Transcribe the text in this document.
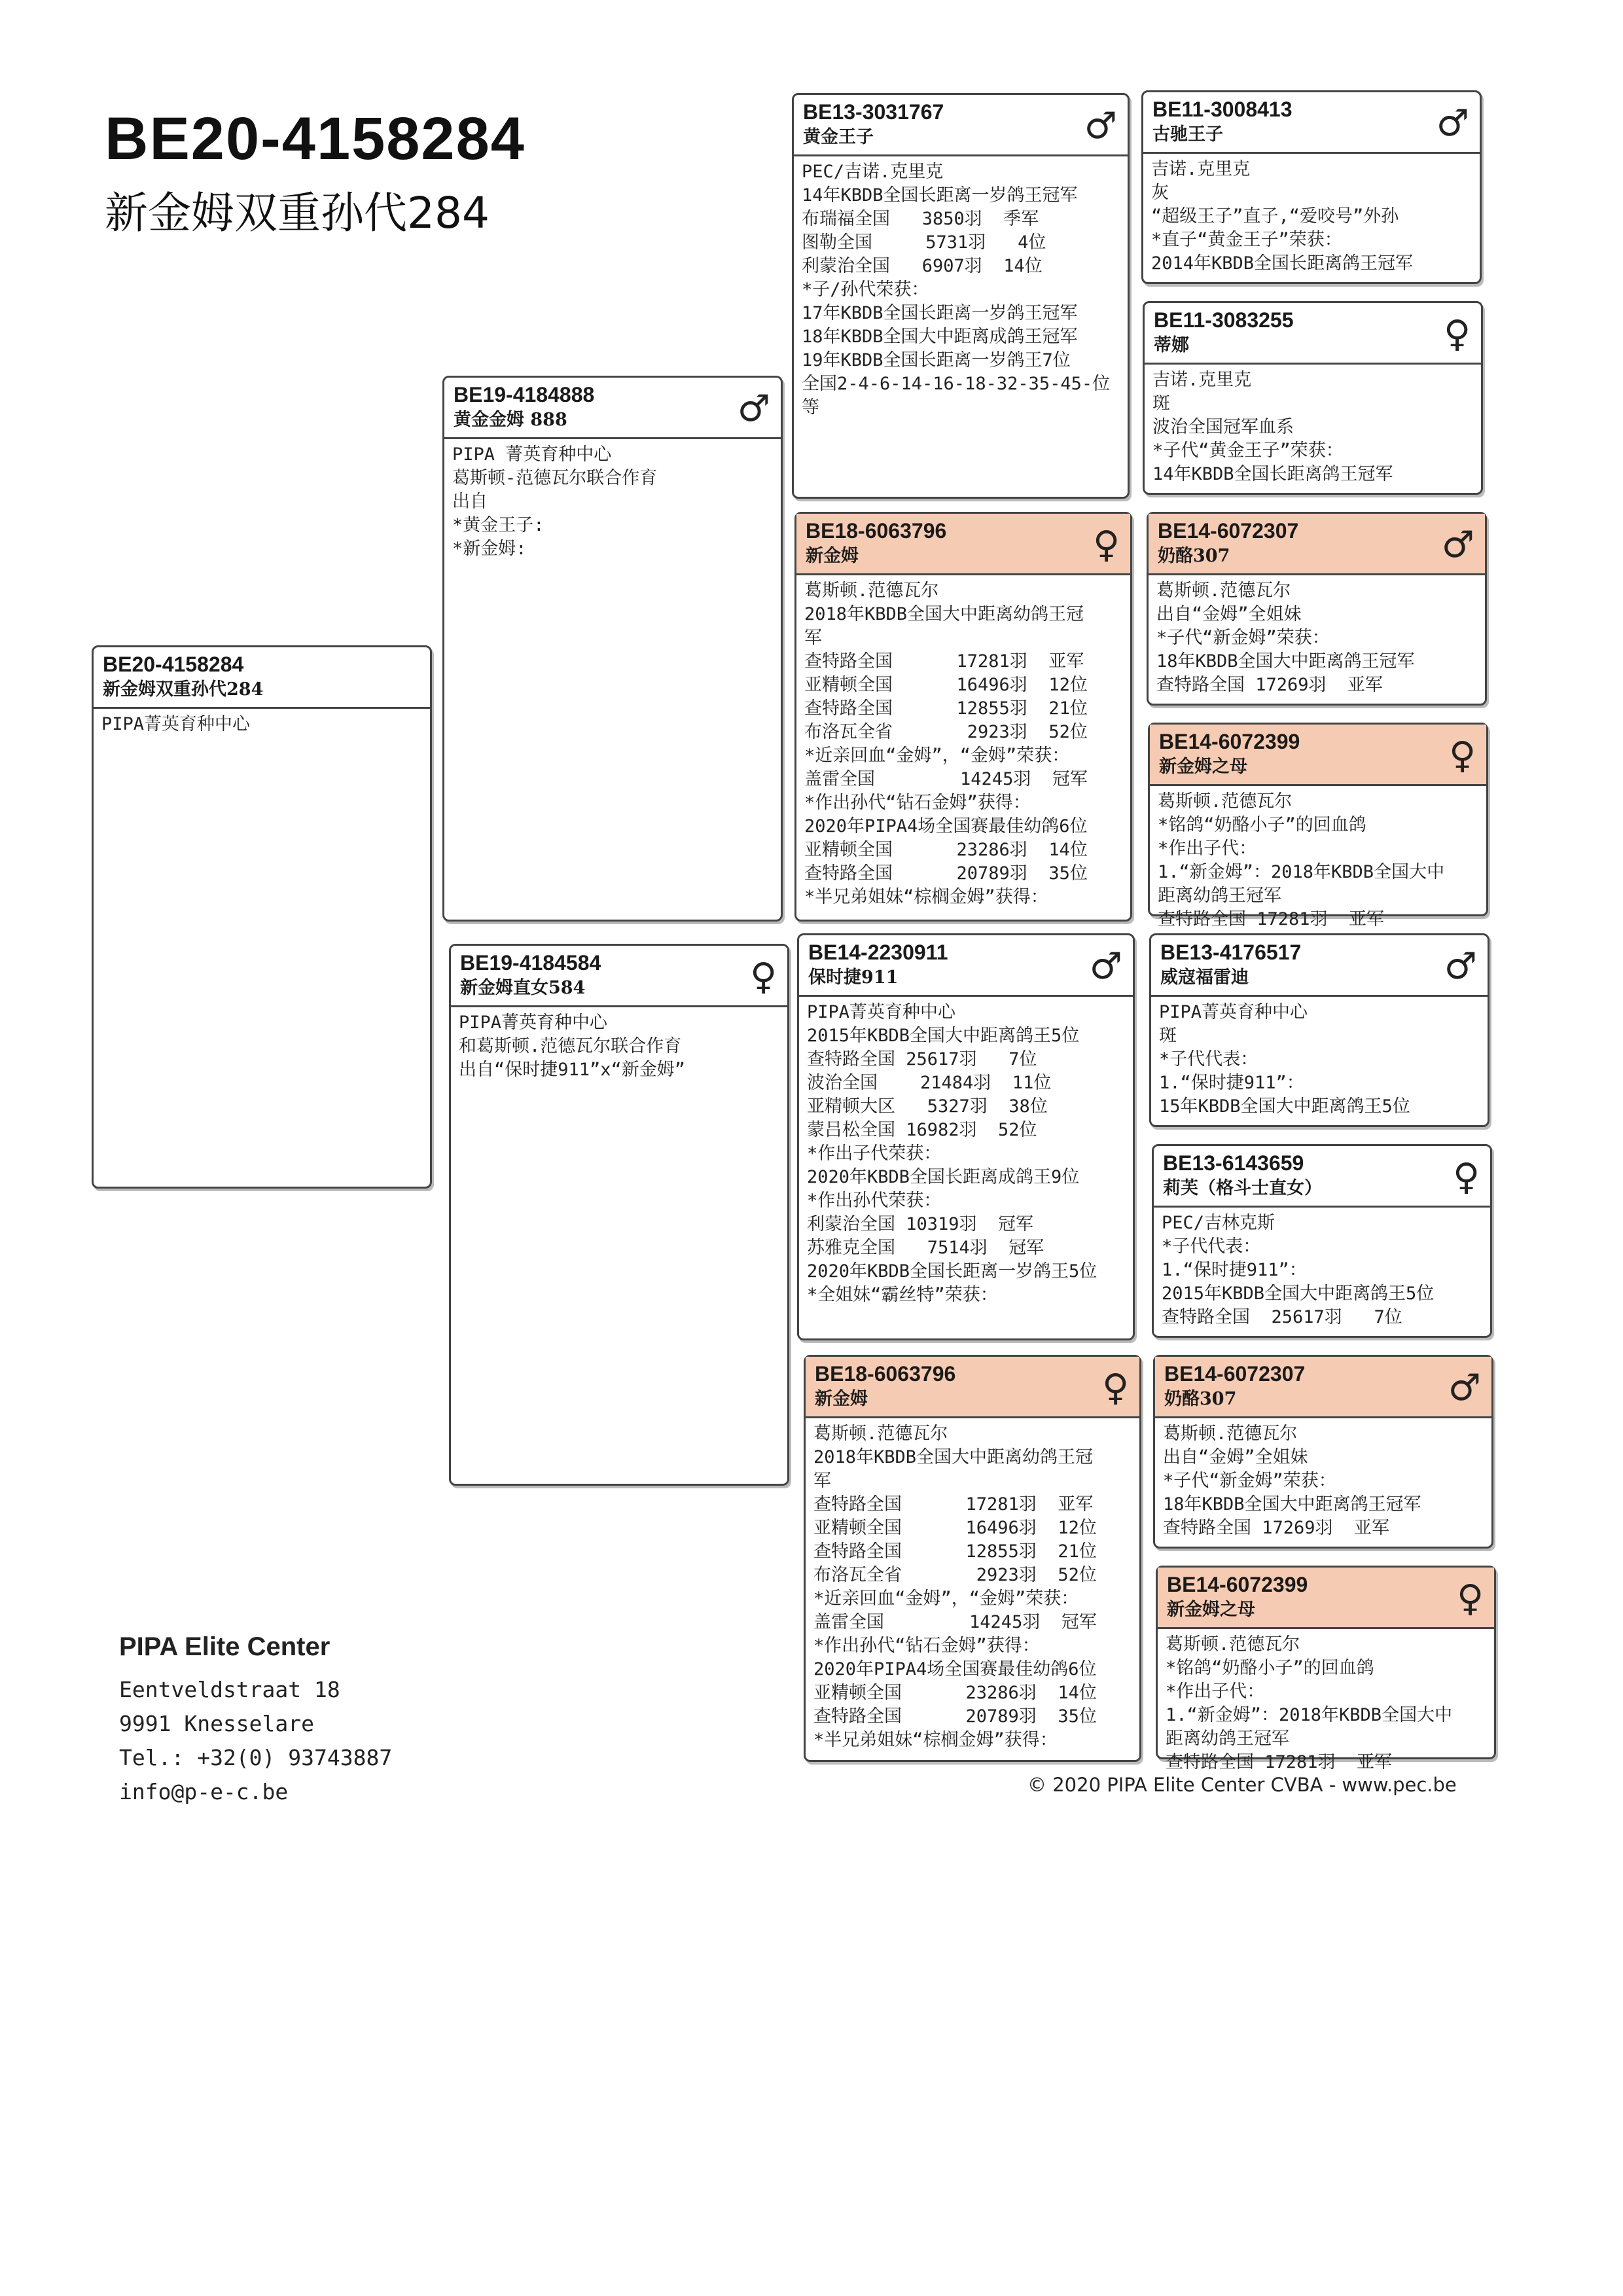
BE20-4158284
新金姆双重孙代284
BE20-4158284
新金姆双重孙代284
PIPA菁英育种中心
BE19-4184888
黄金金姆 888	♂
PIPA 菁英育种中心
葛斯顿-范德瓦尔联合作育
出自
*黄金王子:
*新金姆:
BE19-4184584
新金姆直女584	♀
PIPA菁英育种中心
和葛斯顿.范德瓦尔联合作育
出自“保时捷911”x“新金姆”
BE13-3031767
黄金王子	♂
PEC/吉诺.克里克
14年KBDB全国长距离一岁鸽王冠军
布瑞福全国   3850羽  季军
图勒全国     5731羽   4位
利蒙治全国   6907羽  14位
*子/孙代荣获：
17年KBDB全国长距离一岁鸽王冠军
18年KBDB全国大中距离成鸽王冠军
19年KBDB全国长距离一岁鸽王7位
全国2-4-6-14-16-18-32-35-45-位
等
BE18-6063796
新金姆	♀
葛斯顿.范德瓦尔
2018年KBDB全国大中距离幼鸽王冠
军
查特路全国      17281羽  亚军
亚精顿全国      16496羽  12位
查特路全国      12855羽  21位
布洛瓦全省       2923羽  52位
*近亲回血“金姆”，“金姆”荣获：
盖雷全国        14245羽  冠军
*作出孙代“钻石金姆”获得：
2020年PIPA4场全国赛最佳幼鸽6位
亚精顿全国      23286羽  14位
查特路全国      20789羽  35位
*半兄弟姐妹“棕榈金姆”获得：
BE14-2230911
保时捷911	♂
PIPA菁英育种中心
2015年KBDB全国大中距离鸽王5位
查特路全国 25617羽   7位
波治全国    21484羽  11位
亚精顿大区   5327羽  38位
蒙吕松全国 16982羽  52位
*作出子代荣获：
2020年KBDB全国长距离成鸽王9位
*作出孙代荣获：
利蒙治全国 10319羽  冠军
苏雅克全国   7514羽  冠军
2020年KBDB全国长距离一岁鸽王5位
*全姐妹“霸丝特”荣获：
BE18-6063796
新金姆	♀
葛斯顿.范德瓦尔
2018年KBDB全国大中距离幼鸽王冠
军
查特路全国      17281羽  亚军
亚精顿全国      16496羽  12位
查特路全国      12855羽  21位
布洛瓦全省       2923羽  52位
*近亲回血“金姆”，“金姆”荣获：
盖雷全国        14245羽  冠军
*作出孙代“钻石金姆”获得：
2020年PIPA4场全国赛最佳幼鸽6位
亚精顿全国      23286羽  14位
查特路全国      20789羽  35位
*半兄弟姐妹“棕榈金姆”获得：
BE11-3008413
古驰王子	♂
吉诺.克里克
灰
“超级王子”直子,“爱咬号”外孙
*直子“黄金王子”荣获：
2014年KBDB全国长距离鸽王冠军
BE11-3083255
蒂娜	♀
吉诺.克里克
斑
波治全国冠军血系
*子代“黄金王子”荣获：
14年KBDB全国长距离鸽王冠军
BE14-6072307
奶酪307	♂
葛斯顿.范德瓦尔
出自“金姆”全姐妹
*子代“新金姆”荣获：
18年KBDB全国大中距离鸽王冠军
查特路全国 17269羽  亚军
BE14-6072399
新金姆之母	♀
葛斯顿.范德瓦尔
*铭鸽“奶酪小子”的回血鸽
*作出子代：
1.“新金姆”：2018年KBDB全国大中
距离幼鸽王冠军
查特路全国 17281羽  亚军
BE13-4176517
威寇福雷迪	♂
PIPA菁英育种中心
斑
*子代代表：
1.“保时捷911”：
15年KBDB全国大中距离鸽王5位
BE13-6143659
莉芙（格斗士直女）	♀
PEC/吉林克斯
*子代代表：
1.“保时捷911”：
2015年KBDB全国大中距离鸽王5位
查特路全国  25617羽   7位
BE14-6072307
奶酪307	♂
葛斯顿.范德瓦尔
出自“金姆”全姐妹
*子代“新金姆”荣获：
18年KBDB全国大中距离鸽王冠军
查特路全国 17269羽  亚军
BE14-6072399
新金姆之母	♀
葛斯顿.范德瓦尔
*铭鸽“奶酪小子”的回血鸽
*作出子代：
1.“新金姆”：2018年KBDB全国大中
距离幼鸽王冠军
查特路全国 17281羽  亚军
PIPA Elite Center
Eentveldstraat 18
9991 Knesselare
Tel.: +32(0) 93743887
info@p-e-c.be	© 2020 PIPA Elite Center CVBA - www.pec.be
